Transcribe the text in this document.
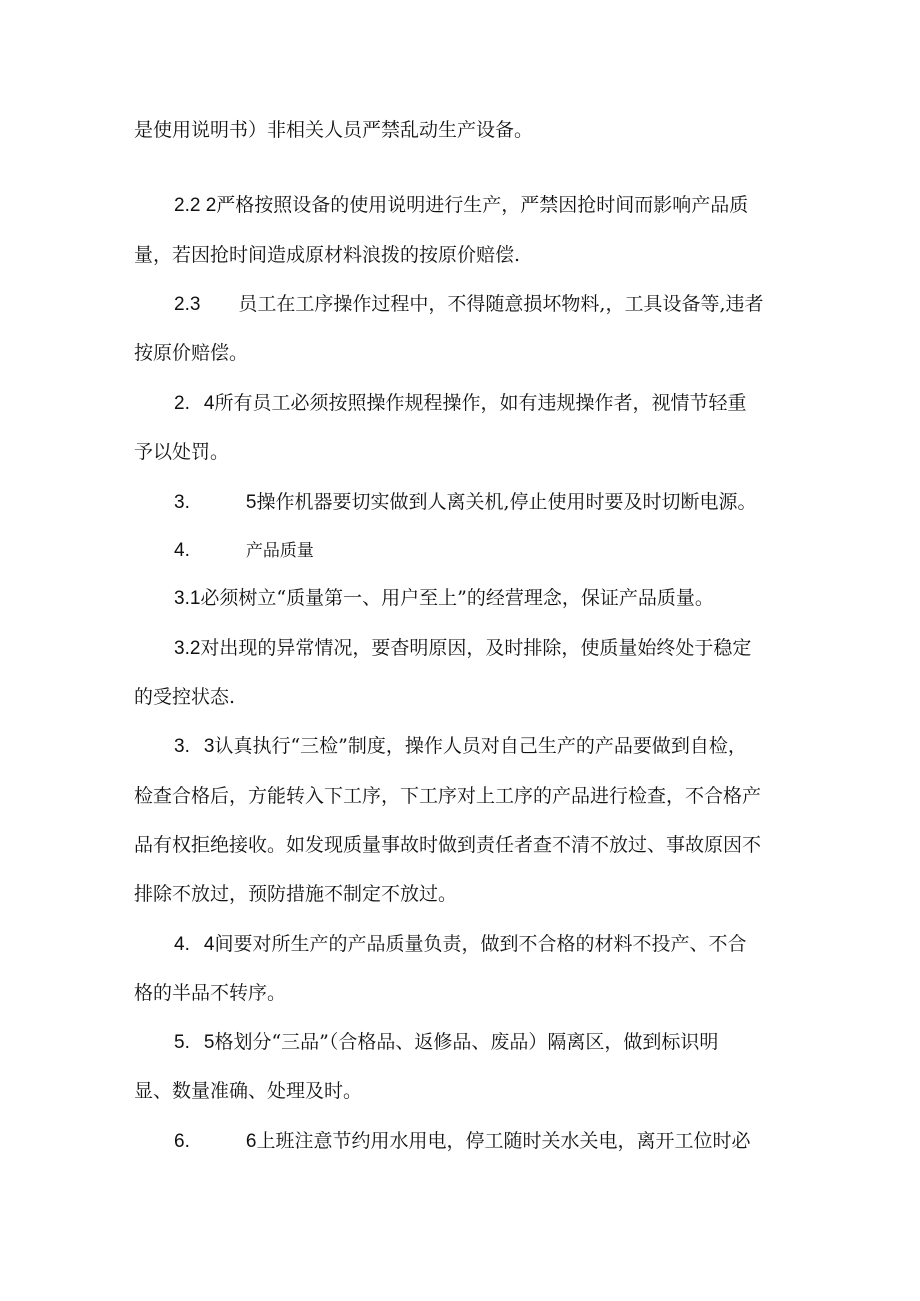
是使用说明书）非相关人员严禁乱动生产设备。
2.2 2严格按照设备的使用说明进行生产，严禁因抢时间而影响产品质
量，若因抢时间造成原材料浪拨的按原价赔偿.
2.3 员工在工序操作过程中，不得随意损坏物料,，工具设备等,违者
按原价赔偿。
2. 4所有员工必须按照操作规程操作，如有违规操作者，视情节轻重
予以处罚。
3.	5操作机器要切实做到人离关机,停止使用时要及时切断电源。
4.	产品质量
3.1必须树立“质量第一、用户至上”的经营理念，保证产品质量。
3.2对出现的异常情况，要杳明原因，及时排除，使质量始终处于稳定
的受控状态.
3. 3认真执行“三检”制度，操作人员对自己生产的产品要做到自检，
检查合格后，方能转入下工序，下工序对上工序的产品进行检查，不合格产
品有权拒绝接收。如发现质量事故时做到责任者查不清不放过、事故原因不
排除不放过，预防措施不制定不放过。
4. 4间要对所生产的产品质量负责，做到不合格的材料不投产、不合
格的半品不转序。
5. 5格划分“三品”（合格品、返修品、废品）隔离区，做到标识明
显、数量准确、处理及时。
6.	6上班注意节约用水用电，停工随时关水关电，离开工位时必
